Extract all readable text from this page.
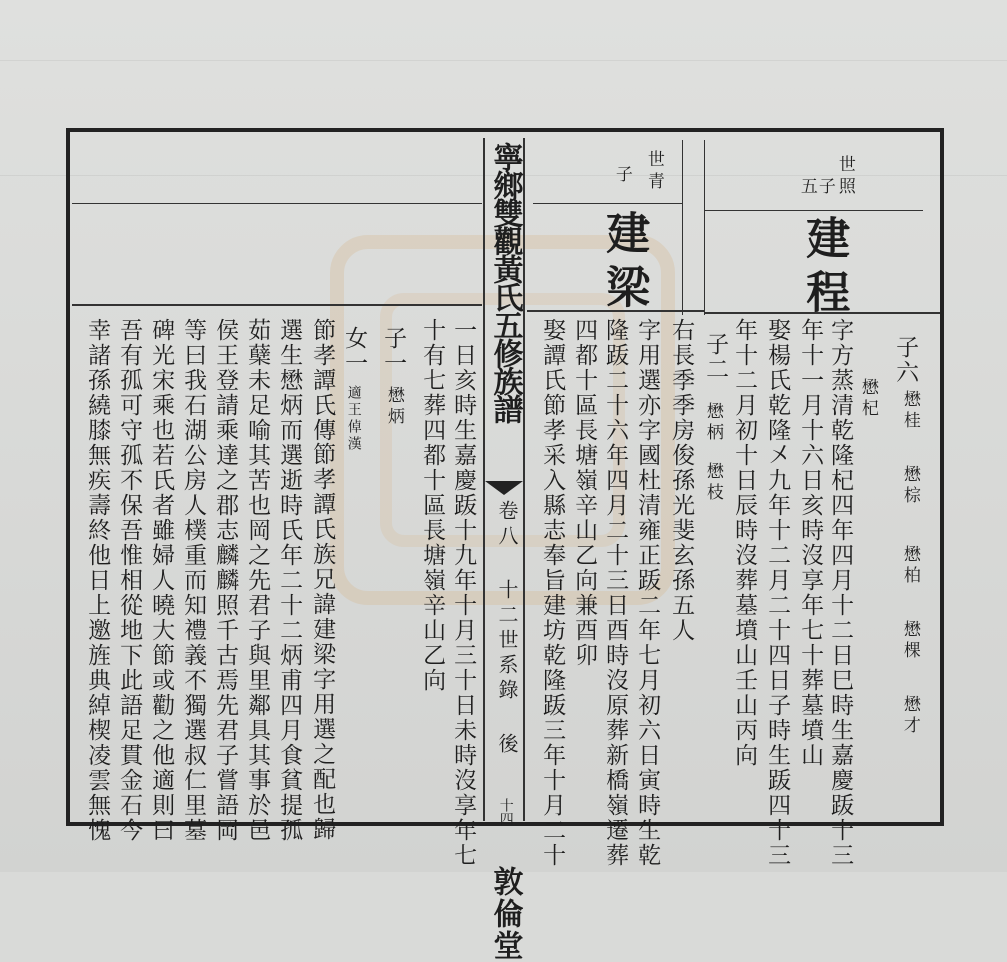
寧鄉雙觀黃氏五修族譜
卷八 十二世系錄 後
十四
敦倫堂
世
照
五
子
建程
子六
懋杞 懋桂
懋棕
懋柏
懋棵
懋才
字方蒸清乾隆杞四年四月十二日巳時生嘉慶䟦十三
年十一月十六日亥時沒享年七十葬墓墳山
娶楊氏乾隆㐅九年十二月二十四日子時生䟦四十三
年十二月初十日辰時沒葬墓墳山壬山丙向
子二
懋柄
懋枝
世
青
子
建梁
右長季季房俊孫光斐玄孫五人
字用選亦字國杜清雍正䟦二年七月初六日寅時生乾
隆䟦二十六年四月二十三日酉時沒原葬新橋嶺遷葬
四都十區長塘嶺辛山乙向兼酉卯
娶譚氏節孝采入縣志奉旨建坊乾隆䟦三年十月二十
一日亥時生嘉慶䟦十九年十月三十日未時沒享年七
十有七葬四都十區長塘嶺辛山乙向
子一
懋炳
女一
適王倬漢
節孝譚氏傳
節孝譚氏族兄諱建梁字用選之配也歸
選生懋炳而選逝時氏年二十二炳甫四月食貧提孤
茹蘖未足喻其苦也岡之先君子與里鄰具其事於邑
侯王登請乘達之郡志麟麟照千古焉先君子嘗語岡
等曰我石湖公房人樸重而知禮義不獨選叔仁里墓
碑光宋乘也若氏者雖婦人曉大節或勸之他適則曰
吾有孤可守孤不保吾惟相從地下此語足貫金石今
幸諸孫繞膝無疾壽終他日上邀旌典綽楔凌雲無愧
